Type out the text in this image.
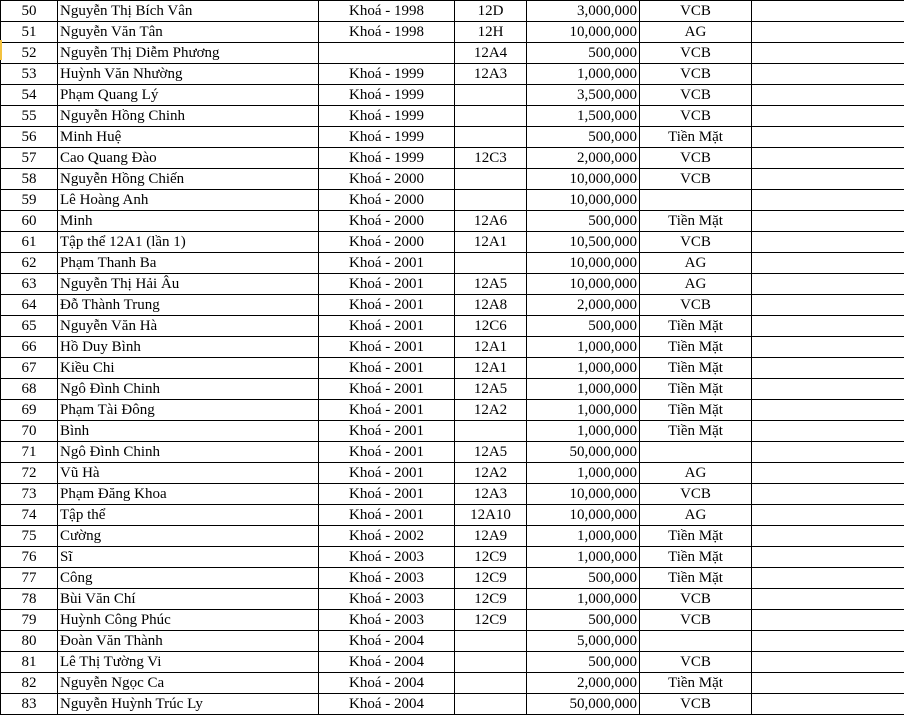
50	Nguyễn Thị Bích Vân	Khoá - 1998	12D	3,000,000	VCB	
51	Nguyễn Văn Tân	Khoá - 1998	12H	10,000,000	AG	
52	Nguyễn Thị Diễm Phương		12A4	500,000	VCB	
53	Huỳnh Văn Nhường	Khoá - 1999	12A3	1,000,000	VCB	
54	Phạm Quang Lý	Khoá - 1999		3,500,000	VCB	
55	Nguyễn Hồng Chinh	Khoá - 1999		1,500,000	VCB	
56	Minh Huệ	Khoá - 1999		500,000	Tiền Mặt	
57	Cao Quang Đào	Khoá - 1999	12C3	2,000,000	VCB	
58	Nguyễn Hồng Chiến	Khoá - 2000		10,000,000	VCB	
59	Lê Hoàng Anh	Khoá - 2000		10,000,000		
60	Minh	Khoá - 2000	12A6	500,000	Tiền Mặt	
61	Tập thể 12A1 (lần 1)	Khoá - 2000	12A1	10,500,000	VCB	
62	Phạm Thanh Ba	Khoá - 2001		10,000,000	AG	
63	Nguyễn Thị Hải Âu	Khoá - 2001	12A5	10,000,000	AG	
64	Đỗ Thành Trung	Khoá - 2001	12A8	2,000,000	VCB	
65	Nguyễn Văn Hà	Khoá - 2001	12C6	500,000	Tiền Mặt	
66	Hồ Duy Bình	Khoá - 2001	12A1	1,000,000	Tiền Mặt	
67	Kiều Chi	Khoá - 2001	12A1	1,000,000	Tiền Mặt	
68	Ngô Đình Chinh	Khoá - 2001	12A5	1,000,000	Tiền Mặt	
69	Phạm Tài Đông	Khoá - 2001	12A2	1,000,000	Tiền Mặt	
70	Bình	Khoá - 2001		1,000,000	Tiền Mặt	
71	Ngô Đình Chinh	Khoá - 2001	12A5	50,000,000		
72	Vũ Hà	Khoá - 2001	12A2	1,000,000	AG	
73	Phạm Đăng Khoa	Khoá - 2001	12A3	10,000,000	VCB	
74	Tập thể	Khoá - 2001	12A10	10,000,000	AG	
75	Cường	Khoá - 2002	12A9	1,000,000	Tiền Mặt	
76	Sĩ	Khoá - 2003	12C9	1,000,000	Tiền Mặt	
77	Công	Khoá - 2003	12C9	500,000	Tiền Mặt	
78	Bùi Văn Chí	Khoá - 2003	12C9	1,000,000	VCB	
79	Huỳnh Công Phúc	Khoá - 2003	12C9	500,000	VCB	
80	Đoàn Văn Thành	Khoá - 2004		5,000,000		
81	Lê Thị Tường Vi	Khoá - 2004		500,000	VCB	
82	Nguyễn Ngọc Ca	Khoá - 2004		2,000,000	Tiền Mặt	
83	Nguyễn Huỳnh Trúc Ly	Khoá - 2004		50,000,000	VCB	
